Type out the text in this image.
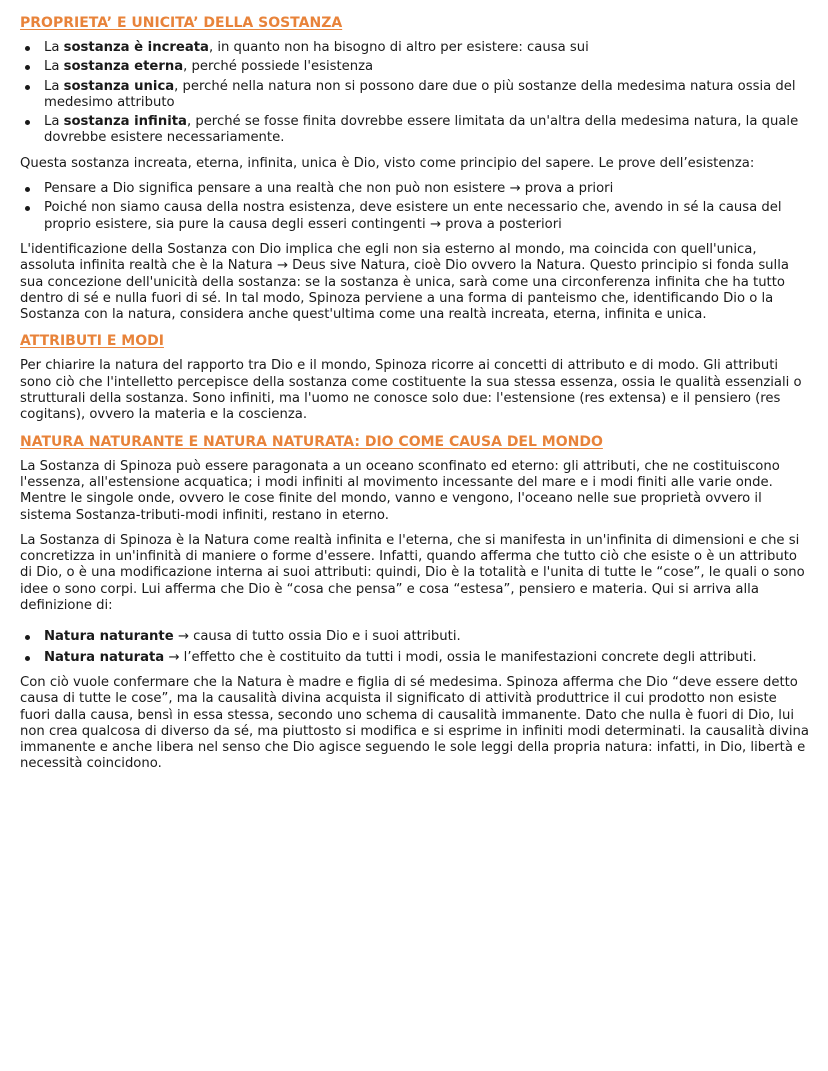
PROPRIETA’ E UNICITA’ DELLA SOSTANZA
La sostanza è increata, in quanto non ha bisogno di altro per esistere: causa sui
La sostanza eterna, perché possiede l'esistenza
La sostanza unica, perché nella natura non si possono dare due o più sostanze della medesima natura ossia del medesimo attributo
La sostanza infinita, perché se fosse finita dovrebbe essere limitata da un'altra della medesima natura, la quale dovrebbe esistere necessariamente.

Questa sostanza increata, eterna, infinita, unica è Dio, visto come principio del sapere. Le prove dell’esistenza:

Pensare a Dio significa pensare a una realtà che non può non esistere → prova a priori
Poiché non siamo causa della nostra esistenza, deve esistere un ente necessario che, avendo in sé la causa del proprio esistere, sia pure la causa degli esseri contingenti → prova a posteriori

L'identificazione della Sostanza con Dio implica che egli non sia esterno al mondo, ma coincida con quell'unica, assoluta infinita realtà che è la Natura → Deus sive Natura, cioè Dio ovvero la Natura. Questo principio si fonda sulla sua concezione dell'unicità della sostanza: se la sostanza è unica, sarà come una circonferenza infinita che ha tutto dentro di sé e nulla fuori di sé. In tal modo, Spinoza perviene a una forma di panteismo che, identificando Dio o la Sostanza con la natura, considera anche quest'ultima come una realtà increata, eterna, infinita e unica.

ATTRIBUTI E MODI

Per chiarire la natura del rapporto tra Dio e il mondo, Spinoza ricorre ai concetti di attributo e di modo. Gli attributi sono ciò che l'intelletto percepisce della sostanza come costituente la sua stessa essenza, ossia le qualità essenziali o strutturali della sostanza. Sono infiniti, ma l'uomo ne conosce solo due: l'estensione (res extensa) e il pensiero (res cogitans), ovvero la materia e la coscienza.

NATURA NATURANTE E NATURA NATURATA: DIO COME CAUSA DEL MONDO

La Sostanza di Spinoza può essere paragonata a un oceano sconfinato ed eterno: gli attributi, che ne costituiscono l'essenza, all'estensione acquatica; i modi infiniti al movimento incessante del mare e i modi finiti alle varie onde. Mentre le singole onde, ovvero le cose finite del mondo, vanno e vengono, l'oceano nelle sue proprietà ovvero il sistema Sostanza-tributi-modi infiniti, restano in eterno.

La Sostanza di Spinoza è la Natura come realtà infinita e l'eterna, che si manifesta in un'infinita di dimensioni e che si concretizza in un'infinità di maniere o forme d'essere. Infatti, quando afferma che tutto ciò che esiste o è un attributo di Dio, o è una modificazione interna ai suoi attributi: quindi, Dio è la totalità e l'unita di tutte le “cose”, le quali o sono idee o sono corpi. Lui afferma che Dio è “cosa che pensa” e cosa “estesa”, pensiero e materia. Qui si arriva alla definizione di:

Natura naturante → causa di tutto ossia Dio e i suoi attributi.
Natura naturata → l’effetto che è costituito da tutti i modi, ossia le manifestazioni concrete degli attributi.

Con ciò vuole confermare che la Natura è madre e figlia di sé medesima. Spinoza afferma che Dio “deve essere detto causa di tutte le cose”, ma la causalità divina acquista il significato di attività produttrice il cui prodotto non esiste fuori dalla causa, bensì in essa stessa, secondo uno schema di causalità immanente. Dato che nulla è fuori di Dio, lui non crea qualcosa di diverso da sé, ma piuttosto si modifica e si esprime in infiniti modi determinati. la causalità divina immanente e anche libera nel senso che Dio agisce seguendo le sole leggi della propria natura: infatti, in Dio, libertà e necessità coincidono.
